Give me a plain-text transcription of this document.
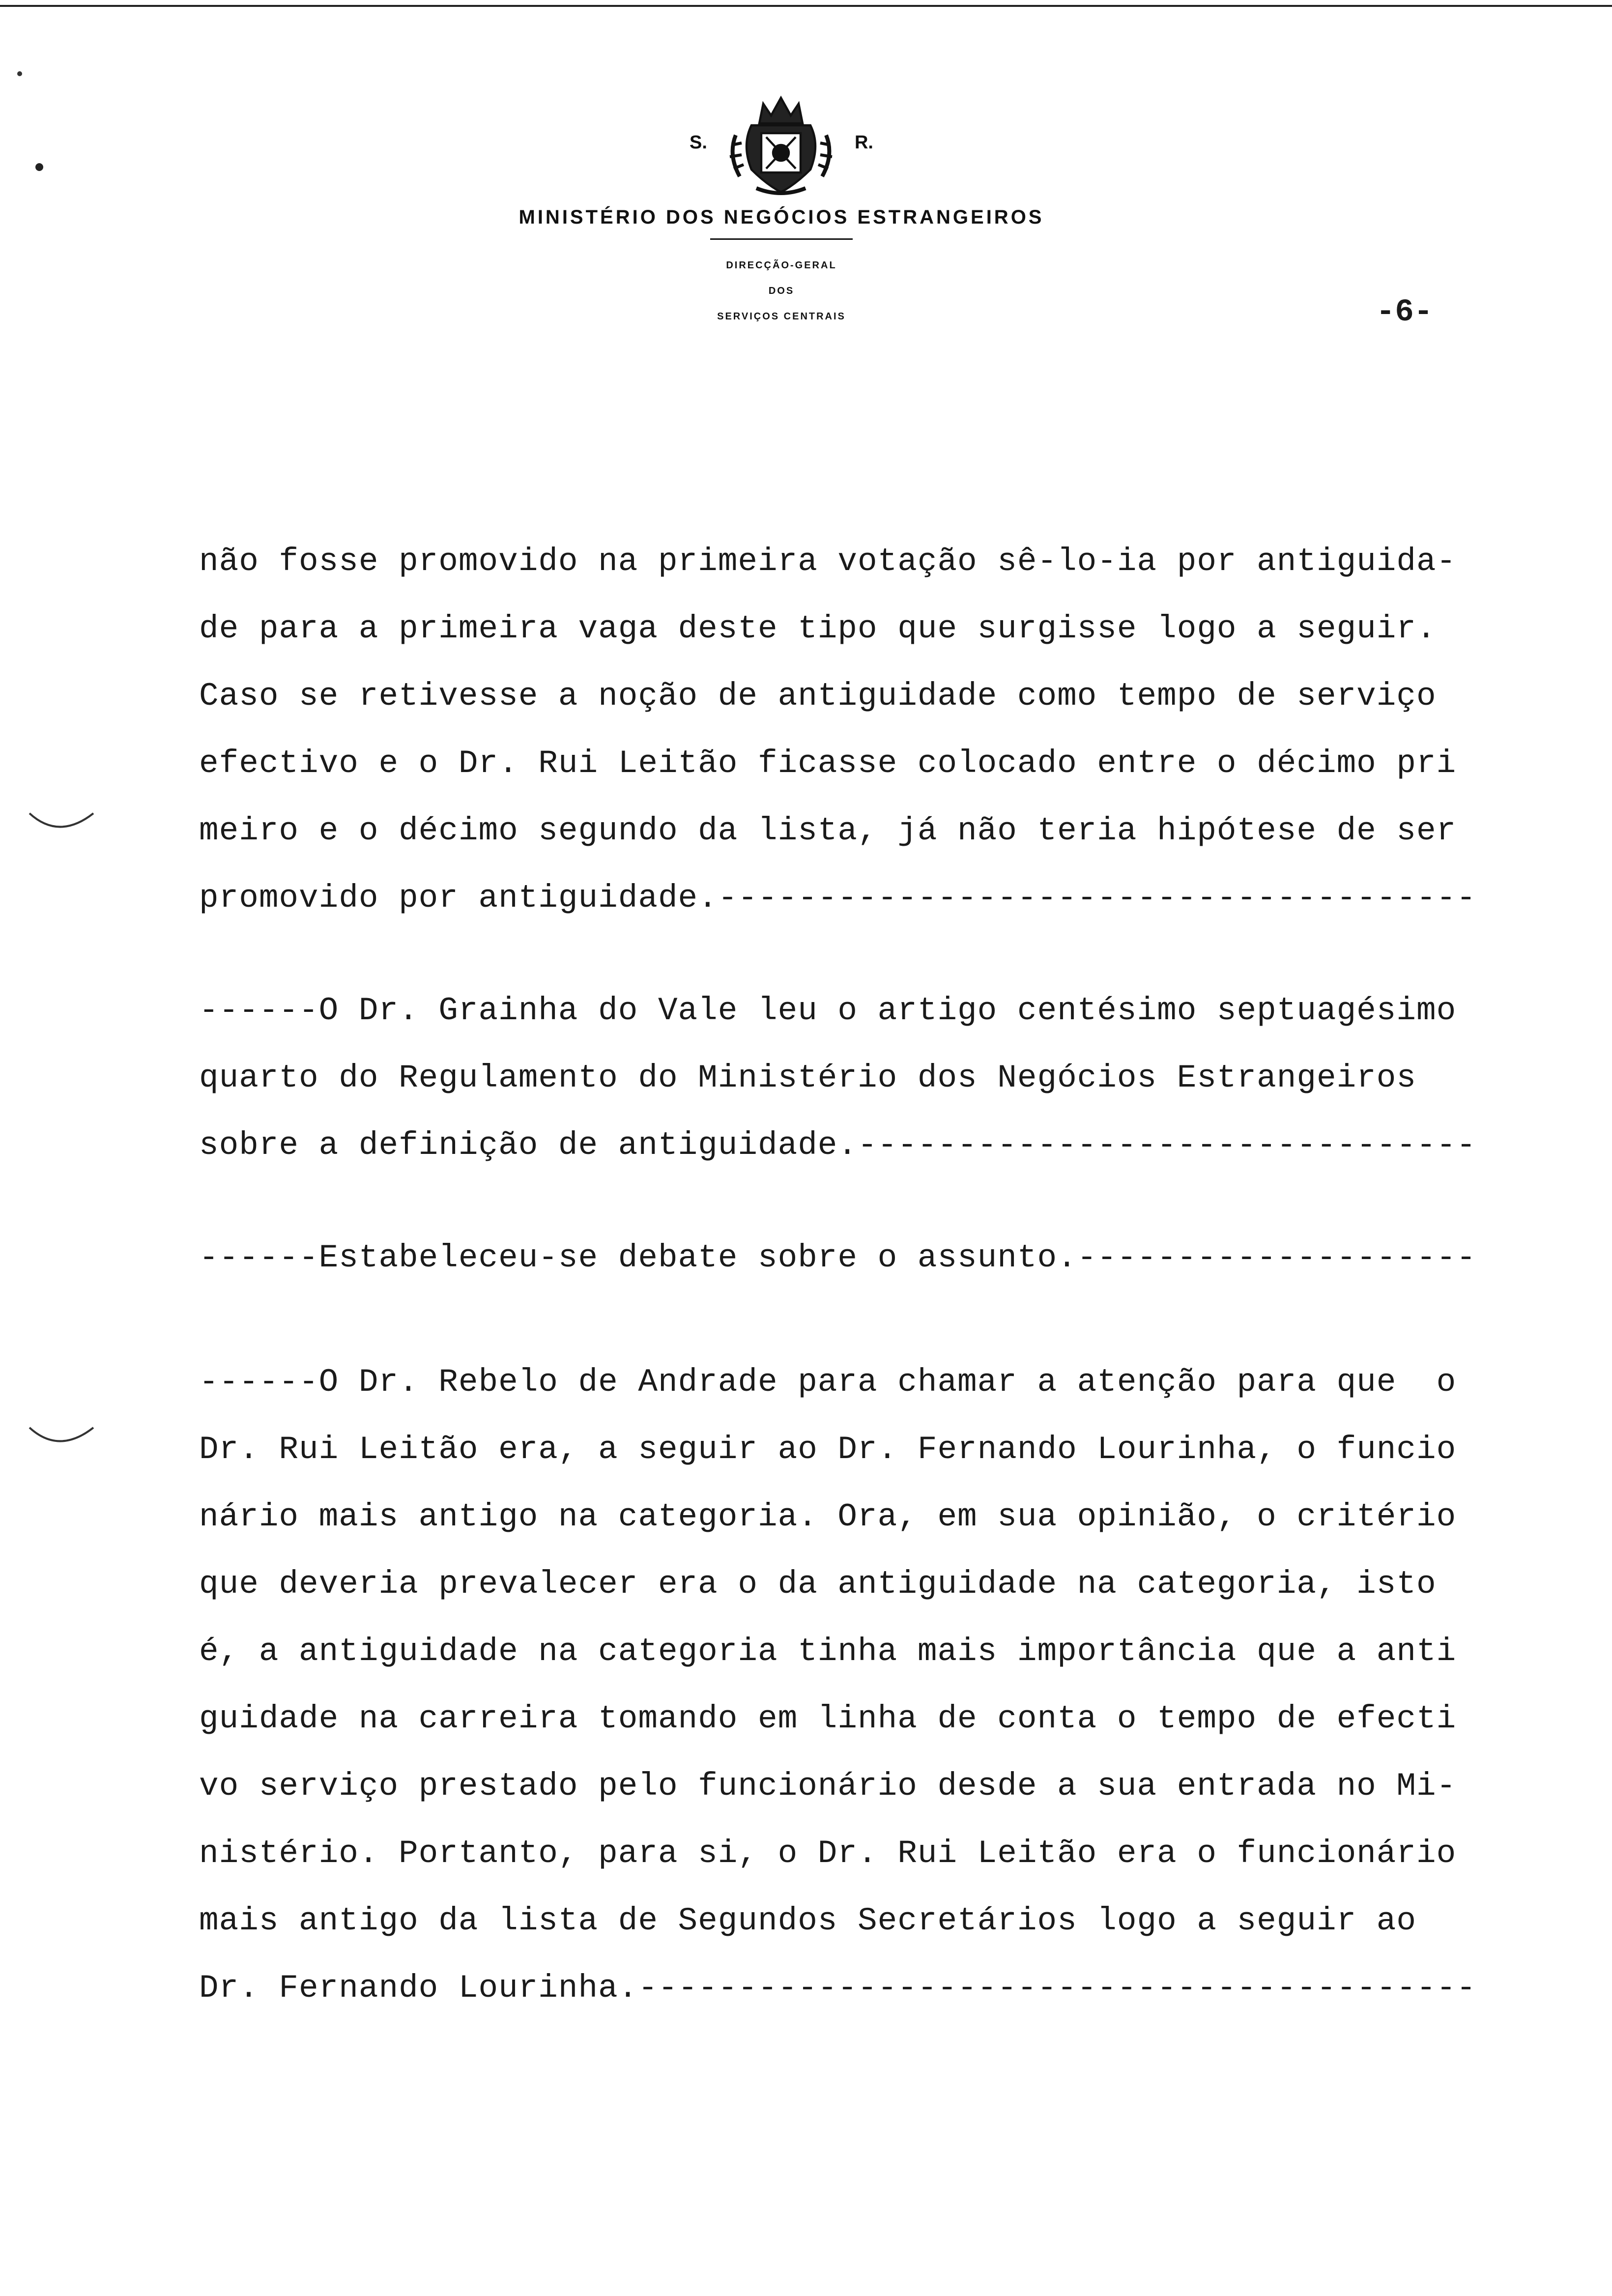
S.	R.
MINISTÉRIO DOS NEGÓCIOS ESTRANGEIROS
DIRECÇÃO-GERAL
DOS
SERVIÇOS CENTRAIS	-6-
não fosse promovido na primeira votação sê-lo-ia por antiguida-
de para a primeira vaga deste tipo que surgisse logo a seguir.
Caso se retivesse a noção de antiguidade como tempo de serviço
efectivo e o Dr. Rui Leitão ficasse colocado entre o décimo pri
meiro e o décimo segundo da lista, já não teria hipótese de ser
promovido por antiguidade.--------------------------------------
------O Dr. Grainha do Vale leu o artigo centésimo septuagésimo
quarto do Regulamento do Ministério dos Negócios Estrangeiros
sobre a definição de antiguidade.-------------------------------
------Estabeleceu-se debate sobre o assunto.--------------------
------O Dr. Rebelo de Andrade para chamar a atenção para que  o
Dr. Rui Leitão era, a seguir ao Dr. Fernando Lourinha, o funcio
nário mais antigo na categoria. Ora, em sua opinião, o critério
que deveria prevalecer era o da antiguidade na categoria, isto
é, a antiguidade na categoria tinha mais importância que a anti
guidade na carreira tomando em linha de conta o tempo de efecti
vo serviço prestado pelo funcionário desde a sua entrada no Mi-
nistério. Portanto, para si, o Dr. Rui Leitão era o funcionário
mais antigo da lista de Segundos Secretários logo a seguir ao
Dr. Fernando Lourinha.------------------------------------------
